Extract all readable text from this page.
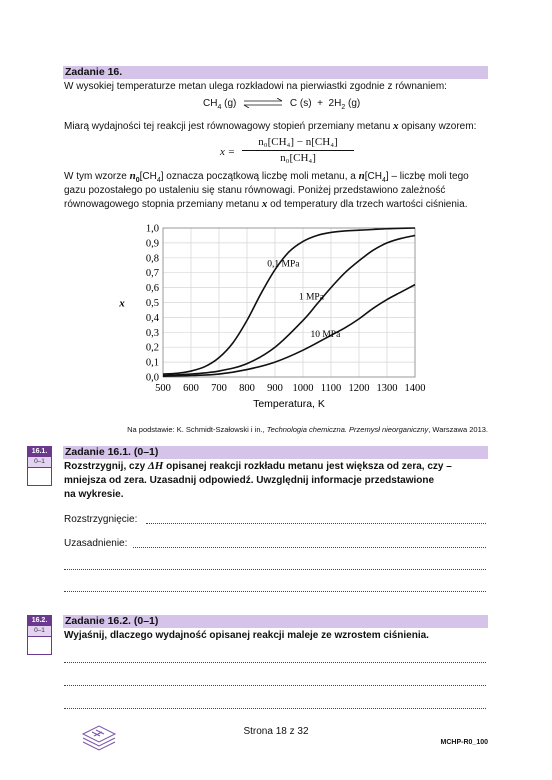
Zadanie 16.
W wysokiej temperaturze metan ulega rozkładowi na pierwiastki zgodnie z równaniem:
$CH_4$ (g)	C $(s) + 2H_2$ (g)
Miarą wydajności tej reakcji jest równowagowy stopień przemiany metanu x opisany wzorem:
x =
n₀[CH₄] − n[CH₄]
n₀[CH₄]
W tym wzorze $n_0[CH_4]$ oznacza początkową liczbę moli metanu, a $n[CH_4]$ – liczbę moli tego
gazu pozostałego po ustaleniu się stanu równowagi. Poniżej przedstawiono zależność
równowagowego stopnia przemiany metanu x od temperatury dla trzech wartości ciśnienia.
500 600 700 800 900 1000 1100 1200 1300 1400
0,0
0,1
0,2
0,3
0,4
0,5
0,6
0,7
0,8
0,9
1,0
Temperatura, K
x
0,1 MPa
1 MPa
10 MPa
Na podstawie: K. Schmidt-Szałowski i in., Technologia chemiczna. Przemysł nieorganiczny, Warszawa 2013.
16.1.
0–1
Zadanie 16.1. (0–1)
Rozstrzygnij, czy ΔH opisanej reakcji rozkładu metanu jest większa od zera, czy –
mniejsza od zera. Uzasadnij odpowiedź. Uwzględnij informacje przedstawione
na wykresie.
Rozstrzygnięcie:
Uzasadnienie:
16.2.
0–1
Zadanie 16.2. (0–1)
Wyjaśnij, dlaczego wydajność opisanej reakcji maleje ze wzrostem ciśnienia.
Strona 18 z 32
MCHP-R0_100
